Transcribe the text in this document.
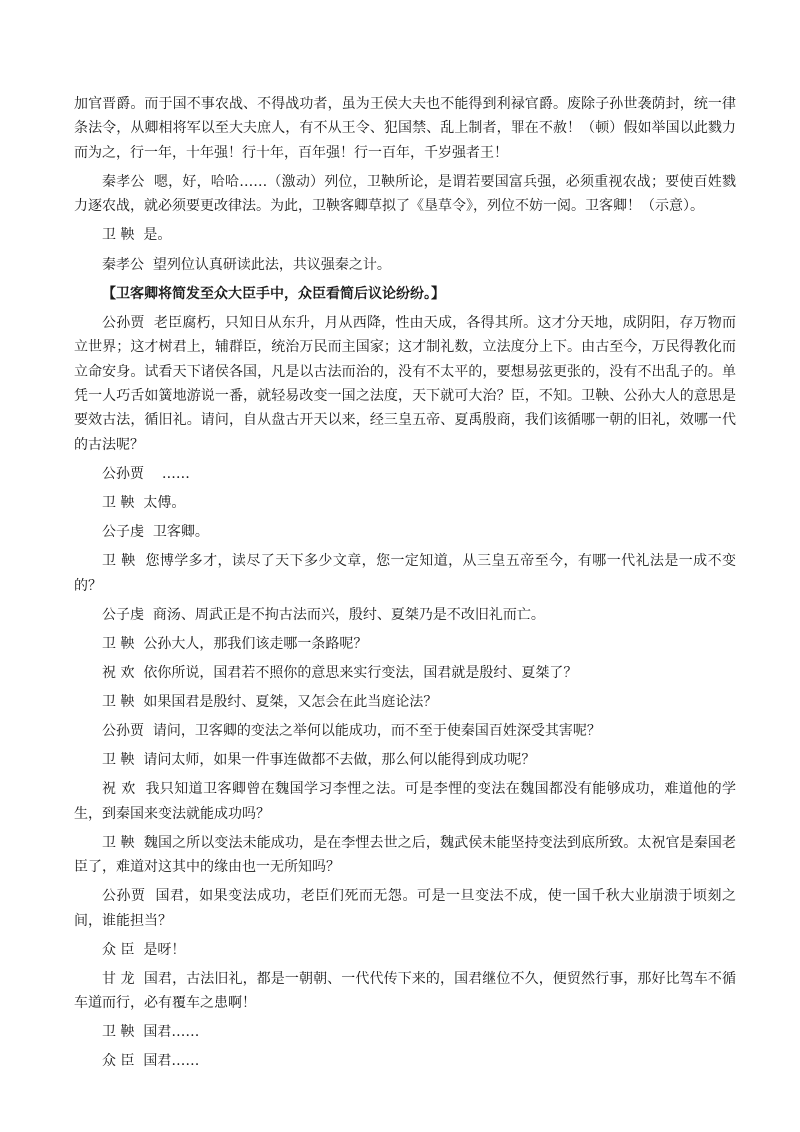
加官晋爵。而于国不事农战、不得战功者，虽为王侯大夫也不能得到利禄官爵。废除子孙世袭荫封，统一律条法令，从卿相将军以至大夫庶人，有不从王令、犯国禁、乱上制者，罪在不赦！（顿）假如举国以此戮力而为之，行一年，十年强！行十年，百年强！行一百年，千岁强者王！

秦孝公 嗯，好，哈哈……（激动）列位，卫鞅所论，是谓若要国富兵强，必须重视农战；要使百姓戮力逐农战，就必须要更改律法。为此，卫鞅客卿草拟了《垦草令》，列位不妨一阅。卫客卿！（示意）。

卫 鞅 是。

秦孝公 望列位认真研读此法，共议强秦之计。

【卫客卿将简发至众大臣手中，众臣看简后议论纷纷。】

公孙贾 老臣腐朽，只知日从东升，月从西降，性由天成，各得其所。这才分天地，成阴阳，存万物而立世界；这才树君上，辅群臣，统治万民而主国家；这才制礼数，立法度分上下。由古至今，万民得教化而立命安身。试看天下诸侯各国，凡是以古法而治的，没有不太平的，要想易弦更张的，没有不出乱子的。单凭一人巧舌如簧地游说一番，就轻易改变一国之法度，天下就可大治？臣，不知。卫鞅、公孙大人的意思是要效古法，循旧礼。请问，自从盘古开天以来，经三皇五帝、夏禹殷商，我们该循哪一朝的旧礼，效哪一代的古法呢？

公孙贾 ……

卫 鞅 太傅。

公子虔 卫客卿。

卫 鞅 您博学多才，读尽了天下多少文章，您一定知道，从三皇五帝至今，有哪一代礼法是一成不变的？

公子虔 商汤、周武正是不拘古法而兴，殷纣、夏桀乃是不改旧礼而亡。

卫 鞅 公孙大人，那我们该走哪一条路呢？

祝 欢 依你所说，国君若不照你的意思来实行变法，国君就是殷纣、夏桀了？

卫 鞅 如果国君是殷纣、夏桀，又怎会在此当庭论法？

公孙贾 请问，卫客卿的变法之举何以能成功，而不至于使秦国百姓深受其害呢？

卫 鞅 请问太师，如果一件事连做都不去做，那么何以能得到成功呢？

祝 欢 我只知道卫客卿曾在魏国学习李悝之法。可是李悝的变法在魏国都没有能够成功，难道他的学生，到秦国来变法就能成功吗？

卫 鞅 魏国之所以变法未能成功，是在李悝去世之后，魏武侯未能坚持变法到底所致。太祝官是秦国老臣了，难道对这其中的缘由也一无所知吗？

公孙贾 国君，如果变法成功，老臣们死而无怨。可是一旦变法不成，使一国千秋大业崩溃于顷刻之间，谁能担当？

众 臣 是呀！

甘 龙 国君，古法旧礼，都是一朝朝、一代代传下来的，国君继位不久，便贸然行事，那好比驾车不循车道而行，必有覆车之患啊！

卫 鞅 国君……

众 臣 国君……
